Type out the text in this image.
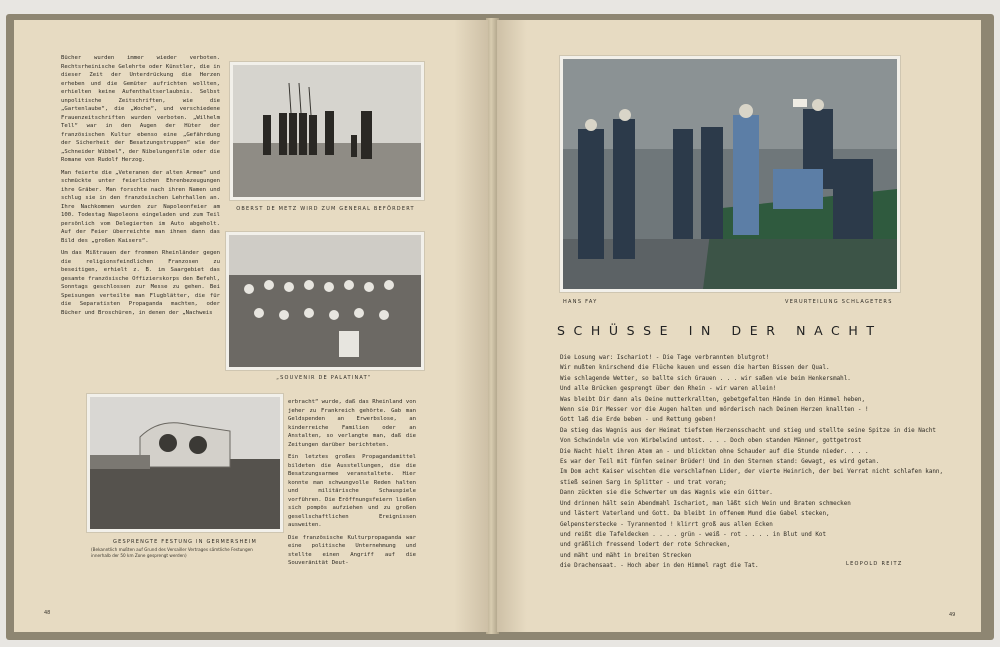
Bücher wurden immer wieder verboten. Rechtsrheinische Gelehrte oder Künstler, die in dieser Zeit der Unterdrückung die Herzen erheben und die Gemüter aufrichten wollten, erhielten keine Aufenthaltserlaubnis. Selbst unpolitische Zeitschriften, wie die „Gartenlaube“, die „Woche“, und verschiedene Frauenzeitschriften wurden verboten. „Wilhelm Tell“ war in den Augen der Hüter der französischen Kultur ebenso eine „Gefährdung der Sicherheit der Besatzungstruppen“ wie der „Schneider Wibbel“, der Nibelungenfilm oder die Romane von Rudolf Herzog.

Man feierte die „Veteranen der alten Armee“ und schmückte unter feierlichen Ehrenbezeugungen ihre Gräber. Man forschte nach ihren Namen und schlug sie in den französischen Lehrhallen an. Ihre Nachkommen wurden zur Napoleonfeier am 100. Todestag Napoleons eingeladen und zum Teil persönlich vom Delegierten im Auto abgeholt. Auf der Feier überreichte man ihnen dann das Bild des „großen Kaisers“.

Um das Mißtrauen der frommen Rheinländer gegen die religionsfeindlichen Franzosen zu beseitigen, erhielt z. B. im Saargebiet das gesamte französische Offizierskorps den Befehl, Sonntags geschlossen zur Messe zu gehen. Bei Speisungen verteilte man Flugblätter, die für die Separatisten Propaganda machten, oder Bücher und Broschüren, in denen der „Nachweis

OBERST DE METZ WIRD ZUM GENERAL BEFÖRDERT
„SOUVENIR DE PALATINAT“
GESPRENGTE FESTUNG IN GERMERSHEIM
(Bekanntlich mußten auf Grund des Versailler Vertrages sämtliche Festungen innerhalb der 50 km Zone gesprengt werden)

erbracht“ wurde, daß das Rheinland von jeher zu Frankreich gehörte. Gab man Geldspenden an Erwerbslose, an kinderreiche Familien oder an Anstalten, so verlangte man, daß die Zeitungen darüber berichteten.

Ein letztes großes Propagandamittel bildeten die Ausstellungen, die die Besatzungsarmee veranstaltete. Hier konnte man schwungvolle Reden halten und militärische Schauspiele vorführen. Die Eröffnungsfeiern ließen sich pompös aufziehen und zu großen gesellschaftlichen Ereignissen ausweiten.

Die französische Kulturpropaganda war eine politische Unternehmung und stellte einen Angriff auf die Souveränität Deut-

48
HANS FAY	VERURTEILUNG SCHLAGETERS
SCHÜSSE IN DER NACHT
Die Losung war: Ischariot! - Die Tage verbrannten blutgrot!
Wir mußten knirschend die Flüche kauen und essen die harten Bissen der Qual.
Wie schlagende Wetter, so ballte sich Grauen . . . wir saßen wie beim Henkersmahl.
Und alle Brücken gesprengt über den Rhein - wir waren allein!
Was bleibt Dir dann als Deine mutterkrallten, gebetgefalten Hände in den Himmel heben,
Wenn sie Dir Messer vor die Augen halten und mörderisch nach Deinem Herzen knallten - !
Gott laß die Erde beben - und Rettung geben!
Da stieg das Wagnis aus der Heimat tiefstem Herzensschacht und stieg und stellte seine Spitze in die Nacht
Von Schwindeln wie von Wirbelwind umtost. . . . Doch oben standen Männer, gottgetrost
Die Nacht hielt ihren Atem an - und blickten ohne Schauder auf die Stunde nieder. . . .
Es war der Teil mit fünfen seiner Brüder! Und in den Sternen stand: Gewagt, es wird getan.
Im Dom acht Kaiser wischten die verschlafnen Lider, der vierte Heinrich, der bei Verrat nicht schlafen kann,
stieß seinen Sarg in Splitter - und trat voran;
Dann zückten sie die Schwerter um das Wagnis wie ein Gitter.
Und drinnen hält sein Abendmahl Ischariot, man läßt sich Wein und Braten schmecken
und lästert Vaterland und Gott. Da bleibt in offenem Mund die Gabel stecken,
Gelpensterstecke - Tyrannentod ! klirrt groß aus allen Ecken
und reißt die Tafeldecken . . . . grün - weiß - rot . . . . in Blut und Kot
und gräßlich fressend lodert der rote Schrecken,
und mäht und mäht in breiten Strecken
die Drachensaat. - Hoch aber in den Himmel ragt die Tat.	LEOPOLD REITZ
49
